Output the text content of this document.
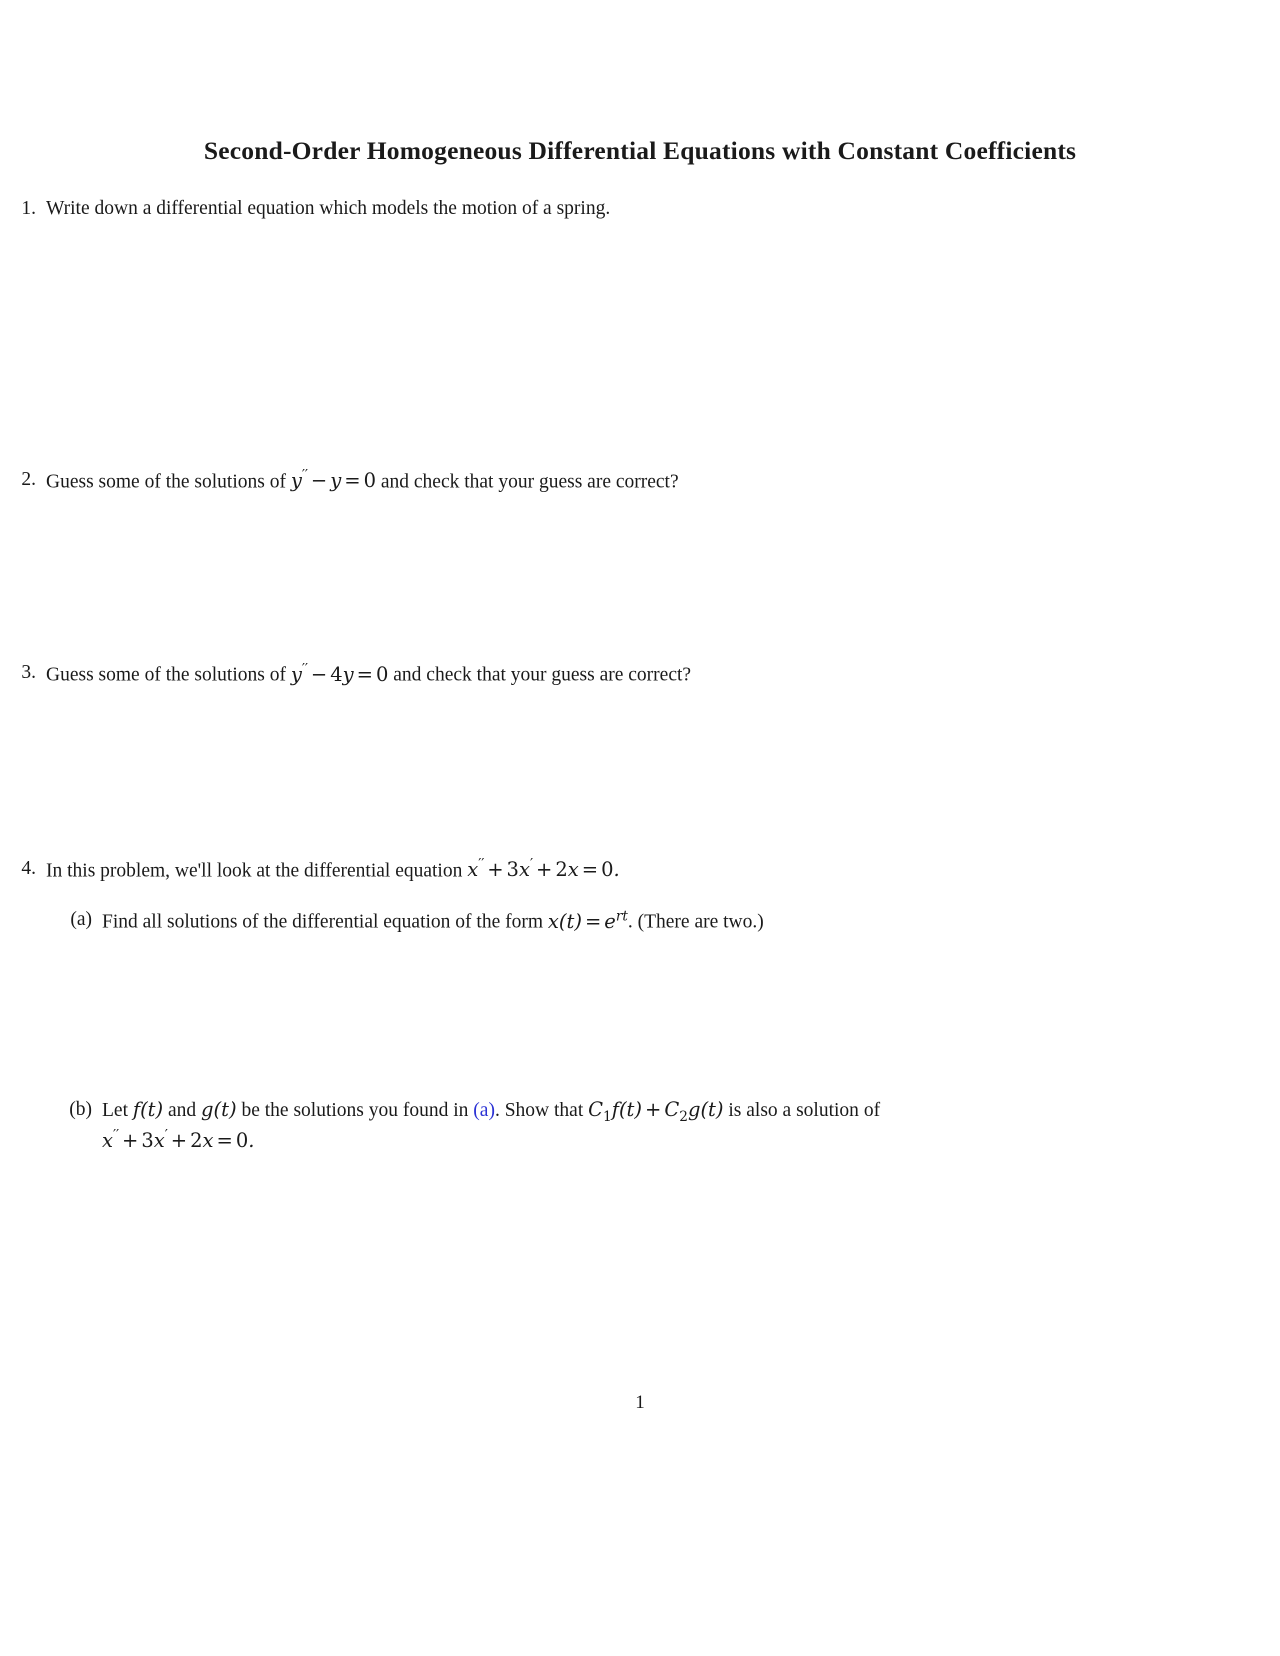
Second-Order Homogeneous Differential Equations with Constant Coefficients
1. Write down a differential equation which models the motion of a spring.
2. Guess some of the solutions of y′′ − y = 0 and check that your guess are correct?
3. Guess some of the solutions of y′′ − 4y = 0 and check that your guess are correct?
4. In this problem, we'll look at the differential equation x′′ + 3x′ + 2x = 0.
(a) Find all solutions of the differential equation of the form $x(t) = e^{rt}$. (There are two.)
(b) Let f(t) and g(t) be the solutions you found in (a). Show that $C_1f(t) + C_2g(t)$ is also a solution of x′′ + 3x′ + 2x = 0.
1
